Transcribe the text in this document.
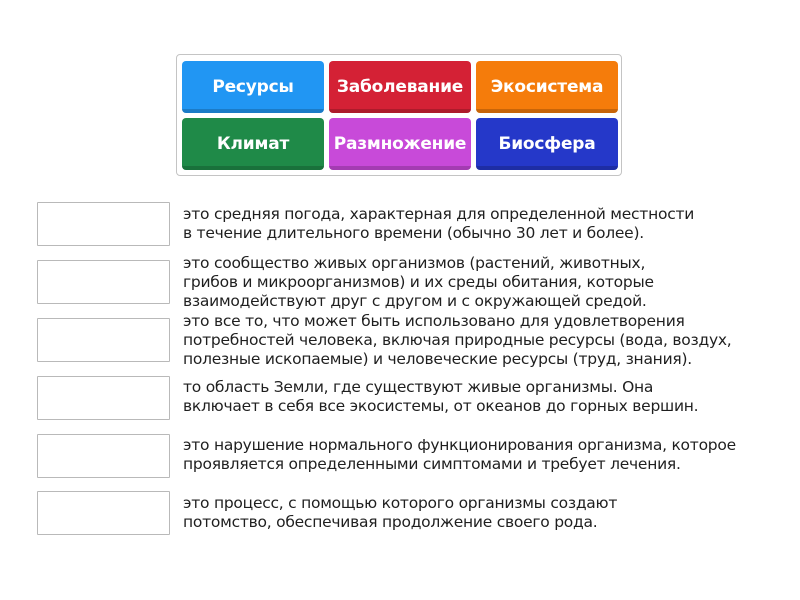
Ресурсы	Заболевание	Экосистема
Климат	Размножение	Биосфера
это средняя погода, характерная для определенной местности
в течение длительного времени (обычно 30 лет и более).
это сообщество живых организмов (растений, животных,
грибов и микроорганизмов) и их среды обитания, которые
взаимодействуют друг с другом и с окружающей средой.
это все то, что может быть использовано для удовлетворения
потребностей человека, включая природные ресурсы (вода, воздух,
полезные ископаемые) и человеческие ресурсы (труд, знания).
то область Земли, где существуют живые организмы. Она
включает в себя все экосистемы, от океанов до горных вершин.
это нарушение нормального функционирования организма, которое
проявляется определенными симптомами и требует лечения.
это процесс, с помощью которого организмы создают
потомство, обеспечивая продолжение своего рода.
